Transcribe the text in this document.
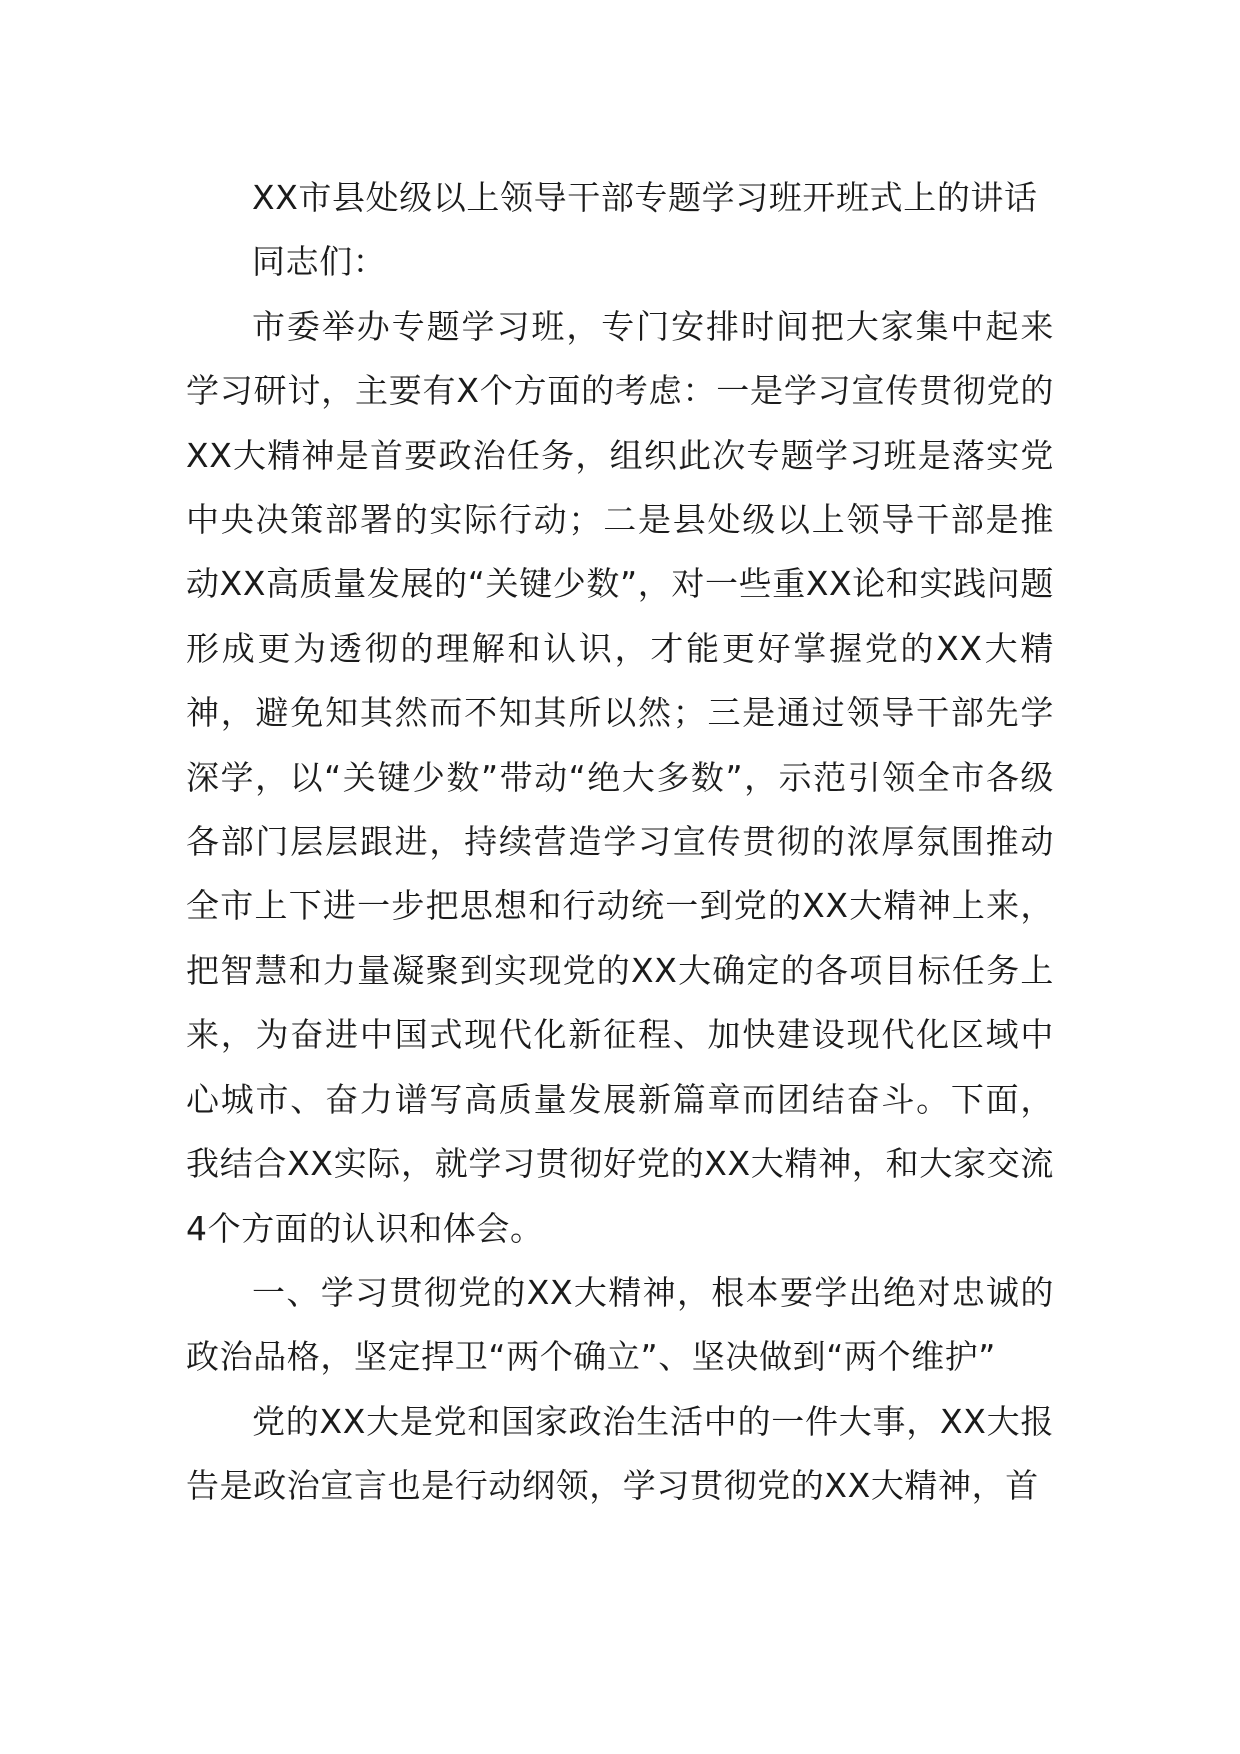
XX市县处级以上领导干部专题学习班开班式上的讲话

同志们：

市委举办专题学习班，专门安排时间把大家集中起来学习研讨，主要有X个方面的考虑：一是学习宣传贯彻党的XX大精神是首要政治任务，组织此次专题学习班是落实党中央决策部署的实际行动；二是县处级以上领导干部是推动XX高质量发展的“关键少数”，对一些重XX论和实践问题形成更为透彻的理解和认识，才能更好掌握党的XX大精神，避免知其然而不知其所以然；三是通过领导干部先学深学，以“关键少数”带动“绝大多数”，示范引领全市各级各部门层层跟进，持续营造学习宣传贯彻的浓厚氛围推动全市上下进一步把思想和行动统一到党的XX大精神上来，把智慧和力量凝聚到实现党的XX大确定的各项目标任务上来，为奋进中国式现代化新征程、加快建设现代化区域中心城市、奋力谱写高质量发展新篇章而团结奋斗。下面，我结合XX实际，就学习贯彻好党的XX大精神，和大家交流4个方面的认识和体会。

一、学习贯彻党的XX大精神，根本要学出绝对忠诚的政治品格，坚定捍卫“两个确立”、坚决做到“两个维护”

党的XX大是党和国家政治生活中的一件大事，XX大报告是政治宣言也是行动纲领，学习贯彻党的XX大精神，首
